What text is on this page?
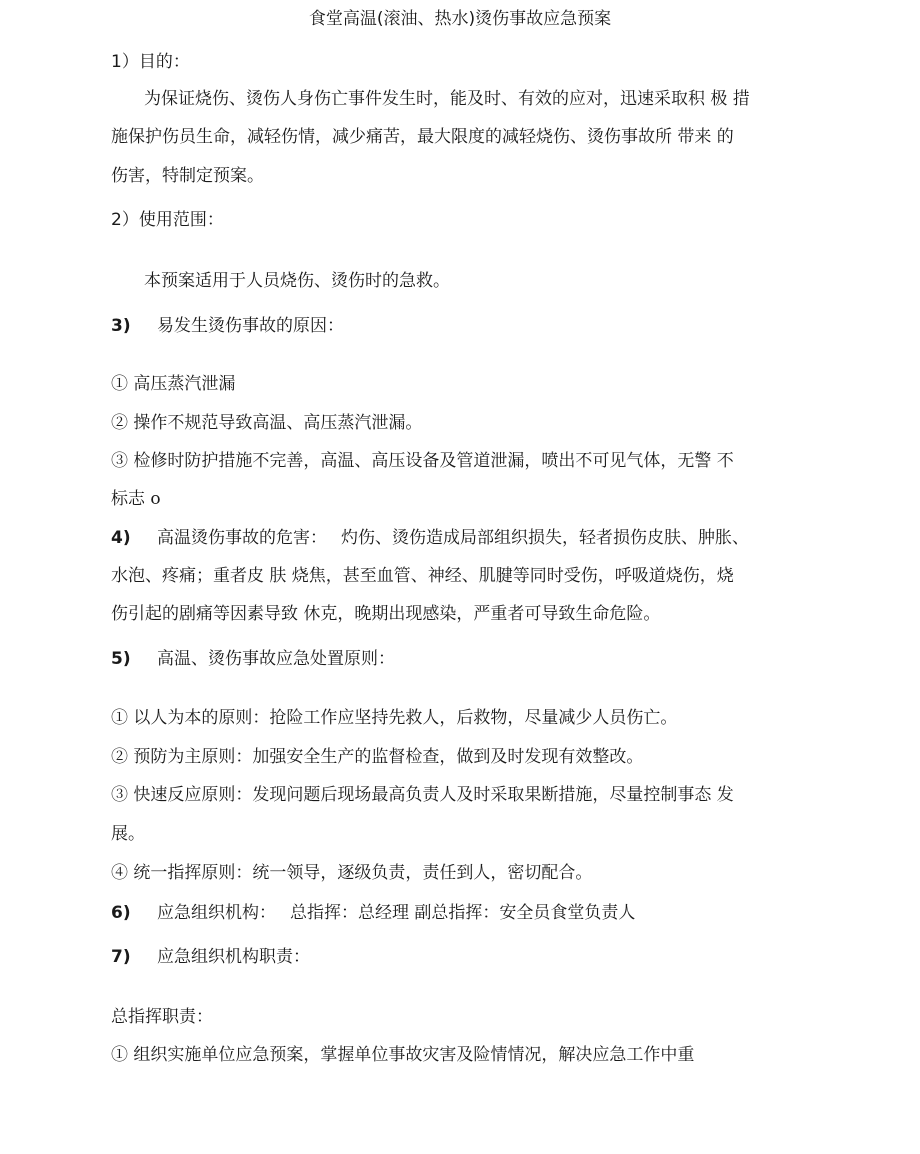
食堂高温(滚油、热水)烫伤事故应急预案
1）目的：
为保证烧伤、烫伤人身伤亡事件发生时，能及时、有效的应对，迅速采取积 极 措
施保护伤员生命，减轻伤情，减少痛苦，最大限度的减轻烧伤、烫伤事故所 带来 的
伤害，特制定预案。
2）使用范围：
本预案适用于人员烧伤、烫伤时的急救。
3) 易发生烫伤事故的原因：
① 高压蒸汽泄漏
② 操作不规范导致高温、高压蒸汽泄漏。
③ 检修时防护措施不完善，高温、高压设备及管道泄漏，喷出不可见气体，无警 不
标志 o
4) 高温烫伤事故的危害： 灼伤、烫伤造成局部组织损失，轻者损伤皮肤、肿胀、
水泡、疼痛；重者皮 肤 烧焦，甚至血管、神经、肌腱等同时受伤，呼吸道烧伤，烧
伤引起的剧痛等因素导致 休克，晚期出现感染，严重者可导致生命危险。
5) 高温、烫伤事故应急处置原则：
① 以人为本的原则：抢险工作应坚持先救人，后救物，尽量减少人员伤亡。
② 预防为主原则：加强安全生产的监督检查，做到及时发现有效整改。
③ 快速反应原则：发现问题后现场最高负责人及时采取果断措施，尽量控制事态 发
展。
④ 统一指挥原则：统一领导，逐级负责，责任到人，密切配合。
6) 应急组织机构： 总指挥：总经理 副总指挥：安全员食堂负责人
7) 应急组织机构职责：
总指挥职责：
① 组织实施单位应急预案，掌握单位事故灾害及险情情况，解决应急工作中重
